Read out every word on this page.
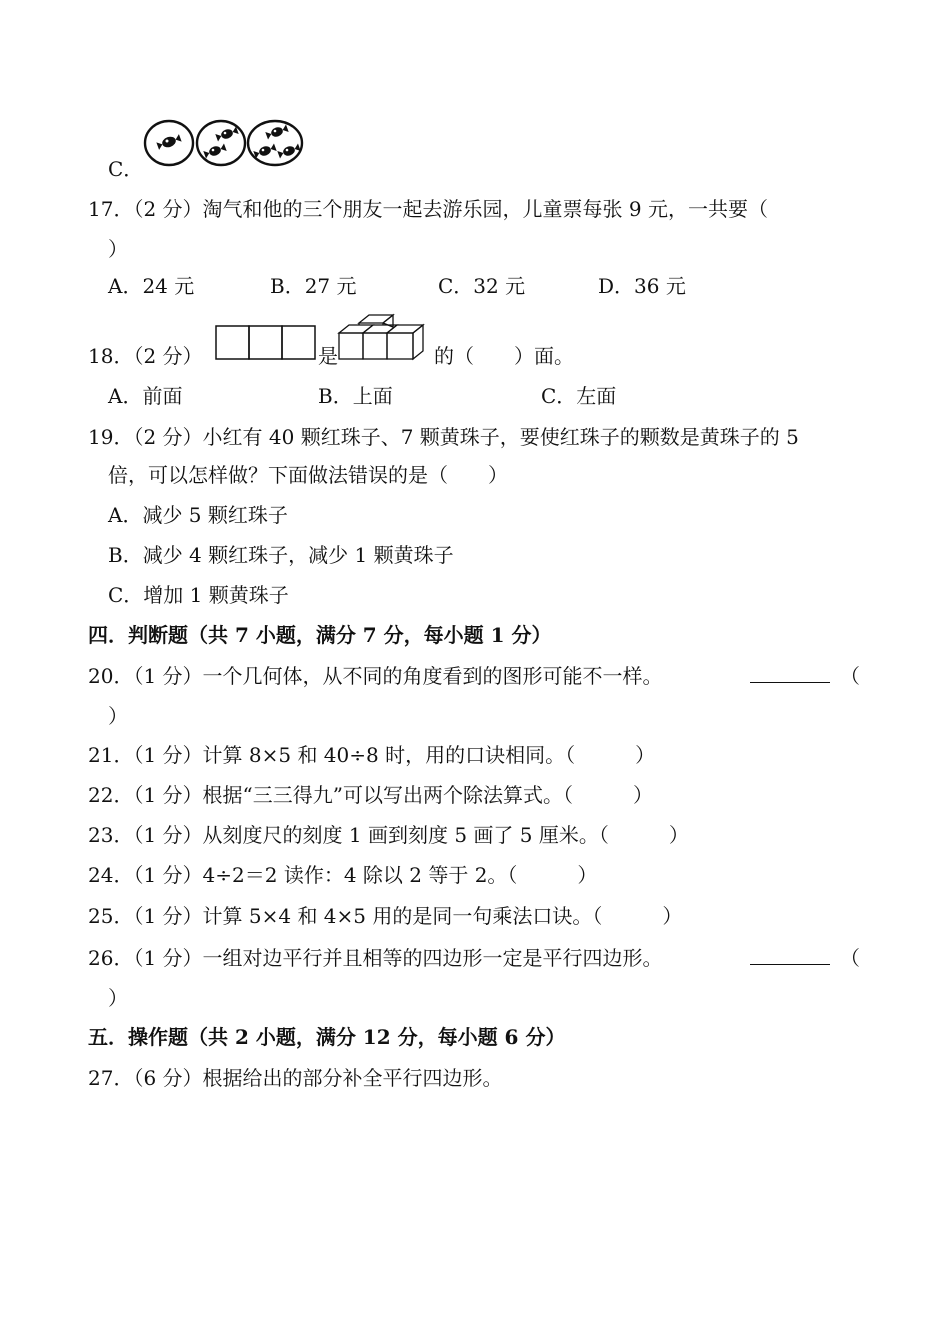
C．
17．（2 分）淘气和他的三个朋友一起去游乐园，儿童票每张 9 元，一共要（
）
A．24 元	B．27 元	C．32 元	D．36 元
18．（2 分）	是	的（　　）面。
A．前面	B．上面	C．左面
19．（2 分）小红有 40 颗红珠子、7 颗黄珠子，要使红珠子的颗数是黄珠子的 5
倍，可以怎样做？下面做法错误的是（　　）
A．减少 5 颗红珠子
B．减少 4 颗红珠子，减少 1 颗黄珠子
C．增加 1 颗黄珠子
四．判断题（共 7 小题，满分 7 分，每小题 1 分）
20．（1 分）一个几何体，从不同的角度看到的图形可能不一样。	（
）
21．（1 分）计算 8×5 和 40÷8 时，用的口诀相同。（　　　）
22．（1 分）根据“三三得九”可以写出两个除法算式。（　　　）
23．（1 分）从刻度尺的刻度 1 画到刻度 5 画了 5 厘米。（　　　）
24．（1 分）4÷2＝2 读作：4 除以 2 等于 2。（　　　）
25．（1 分）计算 5×4 和 4×5 用的是同一句乘法口诀。（　　　）
26．（1 分）一组对边平行并且相等的四边形一定是平行四边形。	（
）
五．操作题（共 2 小题，满分 12 分，每小题 6 分）
27．（6 分）根据给出的部分补全平行四边形。
